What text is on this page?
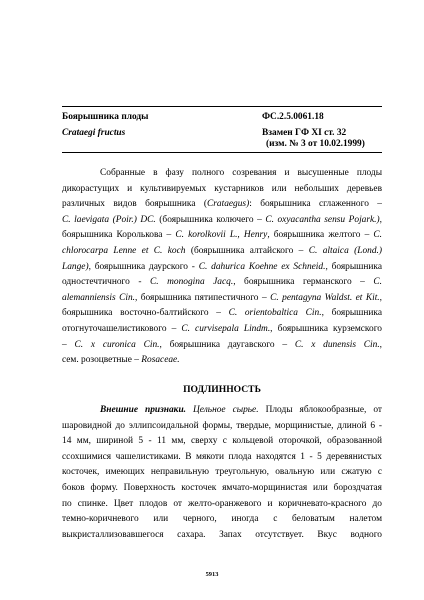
Боярышника плоды	ФС.2.5.0061.18
Crataegi fructus	Взамен ГФ XI ст. 32
(изм. № 3 от 10.02.1999)

Собранные в фазу полного созревания и высушенные плоды

дикорастущих и культивируемых кустарников или небольших деревьев

различных видов боярышника (Crataegus): боярышника сглаженного –

C. laevigata (Poir.) DC. (боярышника колючего – C. oxyacantha sensu Pojark.),

боярышника Королькова – C. korolkovii L., Henry, боярышника желтого – C.

chlorocarpa Lenne et C. koch (боярышника алтайского – C. altaica (Lond.)

Lange), боярышника даурского - C. dahurica Koehne ex Schneid., боярышника

одностечтичного - C. monogina Jacq., боярышника германского – C.

alemanniensis Cin., боярышника пятипестичного – C. pentagyna Waldst. et Kit.,

боярышника восточно-балтийского – C. orientobaltica Cin., боярышника

отогнуточашелистикового – C. curvisepala Lindm., боярышника курземского

– C. x curonica Cin., боярышника даугавского – C. x dunensis Cin.,

сем. розоцветные – Rosaceae.

ПОДЛИННОСТЬ

Внешние признаки. Цельное сырье. Плоды яблокообразные, от

шаровидной до эллипсоидальной формы, твердые, морщинистые, длиной 6 -

14 мм, шириной 5 - 11 мм, сверху с кольцевой оторочкой, образованной

ссохшимися чашелистиками. В мякоти плода находятся 1 - 5 деревянистых

косточек, имеющих неправильную треугольную, овальную или сжатую с

боков форму. Поверхность косточек ямчато-морщинистая или бороздчатая

по спинке. Цвет плодов от желто-оранжевого и коричневато-красного до

темно-коричневого или черного, иногда с беловатым налетом

выкристаллизовавшегося сахара. Запах отсутствует. Вкус водного

5913
